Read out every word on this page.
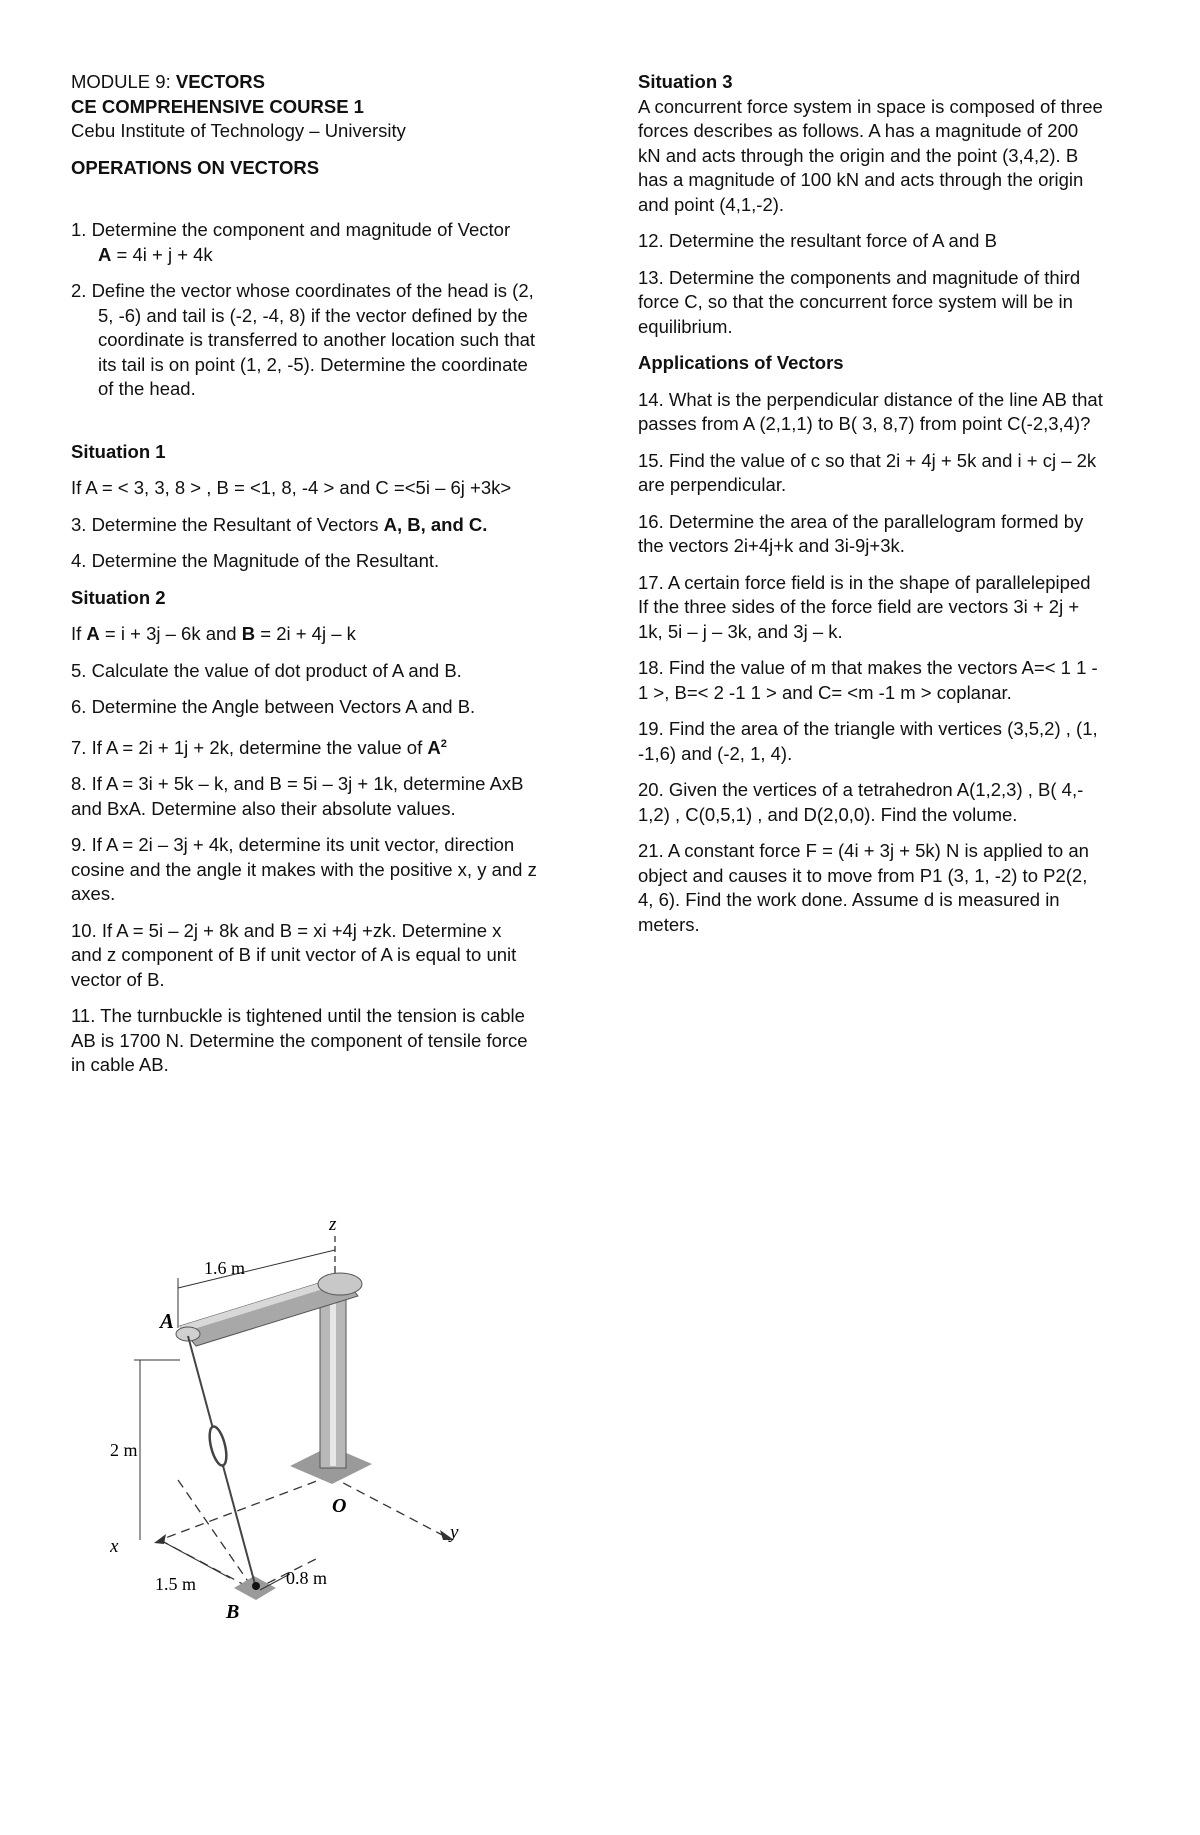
MODULE 9: VECTORS
CE COMPREHENSIVE COURSE 1
Cebu Institute of Technology – University
OPERATIONS ON VECTORS
1. Determine the component and magnitude of Vector
A = 4i + j + 4k
2. Define the vector whose coordinates of the head is (2,
5, -6) and tail is (-2, -4, 8) if the vector defined by the
coordinate is transferred to another location such that
its tail is on point (1, 2, -5). Determine the coordinate
of the head.
Situation 1
If A = < 3, 3, 8 > , B = <1, 8, -4 > and C =<5i – 6j +3k>
3. Determine the Resultant of Vectors A, B, and C.
4. Determine the Magnitude of the Resultant.
Situation 2
If A = i + 3j – 6k and B = 2i + 4j – k
5. Calculate the value of dot product of A and B.
6. Determine the Angle between Vectors A and B.
7. If A = 2i + 1j + 2k, determine the value of $A^2$
8. If A = 3i + 5k – k, and B = 5i – 3j + 1k, determine AxB
and BxA. Determine also their absolute values.
9. If A = 2i – 3j + 4k, determine its unit vector, direction
cosine and the angle it makes with the positive x, y and z
axes.
10. If A = 5i – 2j + 8k and B = xi +4j +zk. Determine x
and z component of B if unit vector of A is equal to unit
vector of B.
11. The turnbuckle is tightened until the tension is cable
AB is 1700 N. Determine the component of tensile force
in cable AB.
z
1.6 m
A
2 m
O
y
x
1.5 m	0.8 m
B
Situation 3
A concurrent force system in space is composed of three
forces describes as follows. A has a magnitude of 200
kN and acts through the origin and the point (3,4,2). B
has a magnitude of 100 kN and acts through the origin
and point (4,1,-2).
12. Determine the resultant force of A and B
13. Determine the components and magnitude of third
force C, so that the concurrent force system will be in
equilibrium.
Applications of Vectors
14. What is the perpendicular distance of the line AB that
passes from A (2,1,1) to B( 3, 8,7) from point C(-2,3,4)?
15. Find the value of c so that 2i + 4j + 5k and i + cj – 2k
are perpendicular.
16. Determine the area of the parallelogram formed by
the vectors 2i+4j+k and 3i-9j+3k.
17. A certain force field is in the shape of parallelepiped
If the three sides of the force field are vectors 3i + 2j +
1k, 5i – j – 3k, and 3j – k.
18. Find the value of m that makes the vectors A=< 1 1 -
1 >, B=< 2 -1 1 > and C= <m -1 m > coplanar.
19. Find the area of the triangle with vertices (3,5,2) , (1,
-1,6) and (-2, 1, 4).
20. Given the vertices of a tetrahedron A(1,2,3) , B( 4,-
1,2) , C(0,5,1) , and D(2,0,0). Find the volume.
21. A constant force F = (4i + 3j + 5k) N is applied to an
object and causes it to move from P1 (3, 1, -2) to P2(2,
4, 6). Find the work done. Assume d is measured in
meters.
